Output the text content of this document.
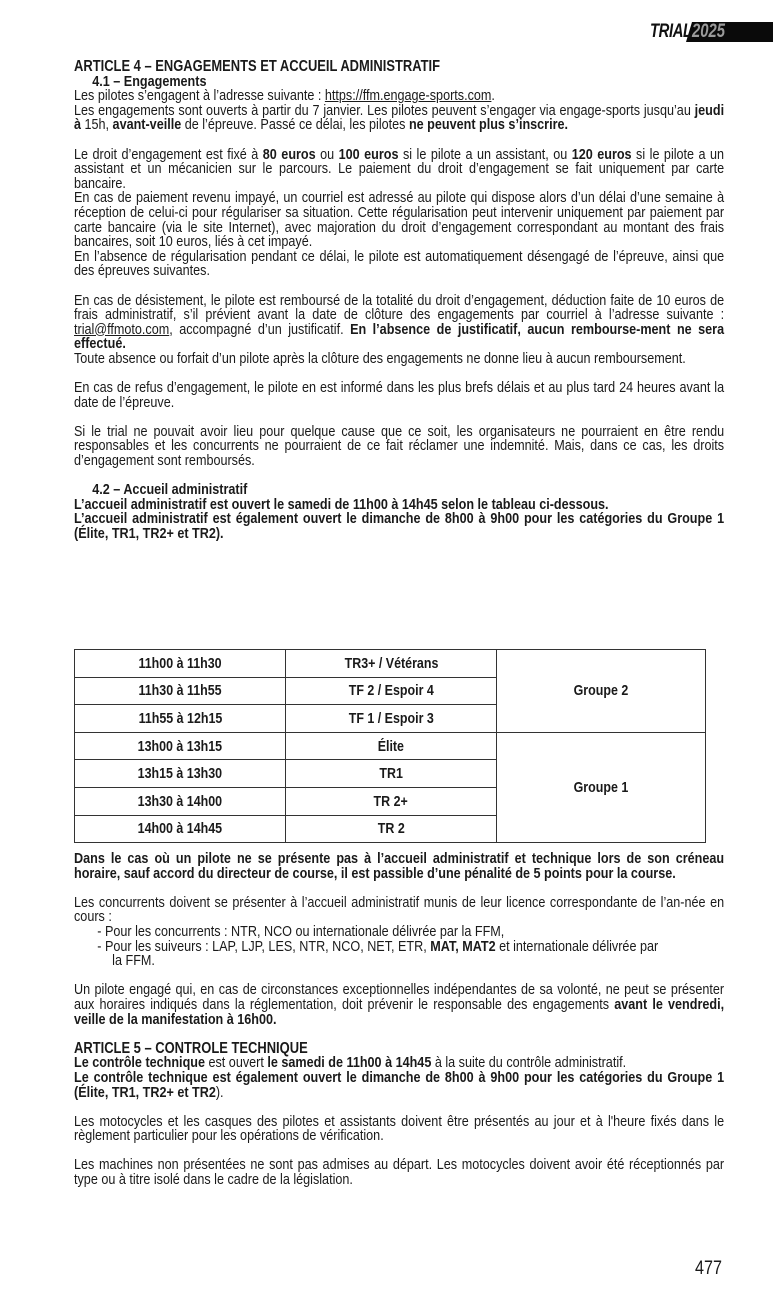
TRIAL 2025

ARTICLE 4 – ENGAGEMENTS ET ACCUEIL ADMINISTRATIF

4.1 – Engagements

Les pilotes s’engagent à l’adresse suivante : https://ffm.engage-sports.com.

Les engagements sont ouverts à partir du 7 janvier. Les pilotes peuvent s’engager via engage-sports jusqu’au jeudi à 15h, avant-veille de l’épreuve. Passé ce délai, les pilotes ne peuvent plus s’inscrire.

Le droit d’engagement est fixé à 80 euros ou 100 euros si le pilote a un assistant, ou 120 euros si le pilote a un assistant et un mécanicien sur le parcours. Le paiement du droit d’engagement se fait uniquement par carte bancaire.

En cas de paiement revenu impayé, un courriel est adressé au pilote qui dispose alors d’un délai d’une semaine à réception de celui-ci pour régulariser sa situation. Cette régularisation peut intervenir uniquement par paiement par carte bancaire (via le site Internet), avec majoration du droit d’engagement correspondant au montant des frais bancaires, soit 10 euros, liés à cet impayé.

En l’absence de régularisation pendant ce délai, le pilote est automatiquement désengagé de l’épreuve, ainsi que des épreuves suivantes.

En cas de désistement, le pilote est remboursé de la totalité du droit d’engagement, déduction faite de 10 euros de frais administratif, s’il prévient avant la date de clôture des engagements par courriel à l’adresse suivante : trial@ffmoto.com, accompagné d’un justificatif. En l’absence de justificatif, aucun rembourse-ment ne sera effectué.

Toute absence ou forfait d’un pilote après la clôture des engagements ne donne lieu à aucun remboursement.

En cas de refus d’engagement, le pilote en est informé dans les plus brefs délais et au plus tard 24 heures avant la date de l’épreuve.

Si le trial ne pouvait avoir lieu pour quelque cause que ce soit, les organisateurs ne pourraient en être rendu responsables et les concurrents ne pourraient de ce fait réclamer une indemnité. Mais, dans ce cas, les droits d’engagement sont remboursés.

4.2 – Accueil administratif

L’accueil administratif est ouvert le samedi de 11h00 à 14h45 selon le tableau ci-dessous.

L’accueil administratif est également ouvert le dimanche de 8h00 à 9h00 pour les catégories du Groupe 1 (Élite, TR1, TR2+ et TR2).

11h00 à 11h30	TR3+ / Vétérans	Groupe 2
11h30 à 11h55	TF 2 / Espoir 4	
11h55 à 12h15	TF 1 / Espoir 3	
13h00 à 13h15	Élite	Groupe 1
13h15 à 13h30	TR1	
13h30 à 14h00	TR 2+	
14h00 à 14h45	TR 2	

Dans le cas où un pilote ne se présente pas à l’accueil administratif et technique lors de son créneau horaire, sauf accord du directeur de course, il est passible d’une pénalité de 5 points pour la course.

Les concurrents doivent se présenter à l’accueil administratif munis de leur licence correspondante de l’an-née en cours :

- Pour les concurrents : NTR, NCO ou internationale délivrée par la FFM,

- Pour les suiveurs : LAP, LJP, LES, NTR, NCO, NET, ETR, MAT, MAT2 et internationale délivrée par

la FFM.

Un pilote engagé qui, en cas de circonstances exceptionnelles indépendantes de sa volonté, ne peut se présenter aux horaires indiqués dans la réglementation, doit prévenir le responsable des engagements avant le vendredi, veille de la manifestation à 16h00.

ARTICLE 5 – CONTROLE TECHNIQUE

Le contrôle technique est ouvert le samedi de 11h00 à 14h45 à la suite du contrôle administratif.

Le contrôle technique est également ouvert le dimanche de 8h00 à 9h00 pour les catégories du Groupe 1 (Élite, TR1, TR2+ et TR2).

Les motocycles et les casques des pilotes et assistants doivent être présentés au jour et à l'heure fixés dans le règlement particulier pour les opérations de vérification.

Les machines non présentées ne sont pas admises au départ. Les motocycles doivent avoir été réceptionnés par type ou à titre isolé dans le cadre de la législation.

477
